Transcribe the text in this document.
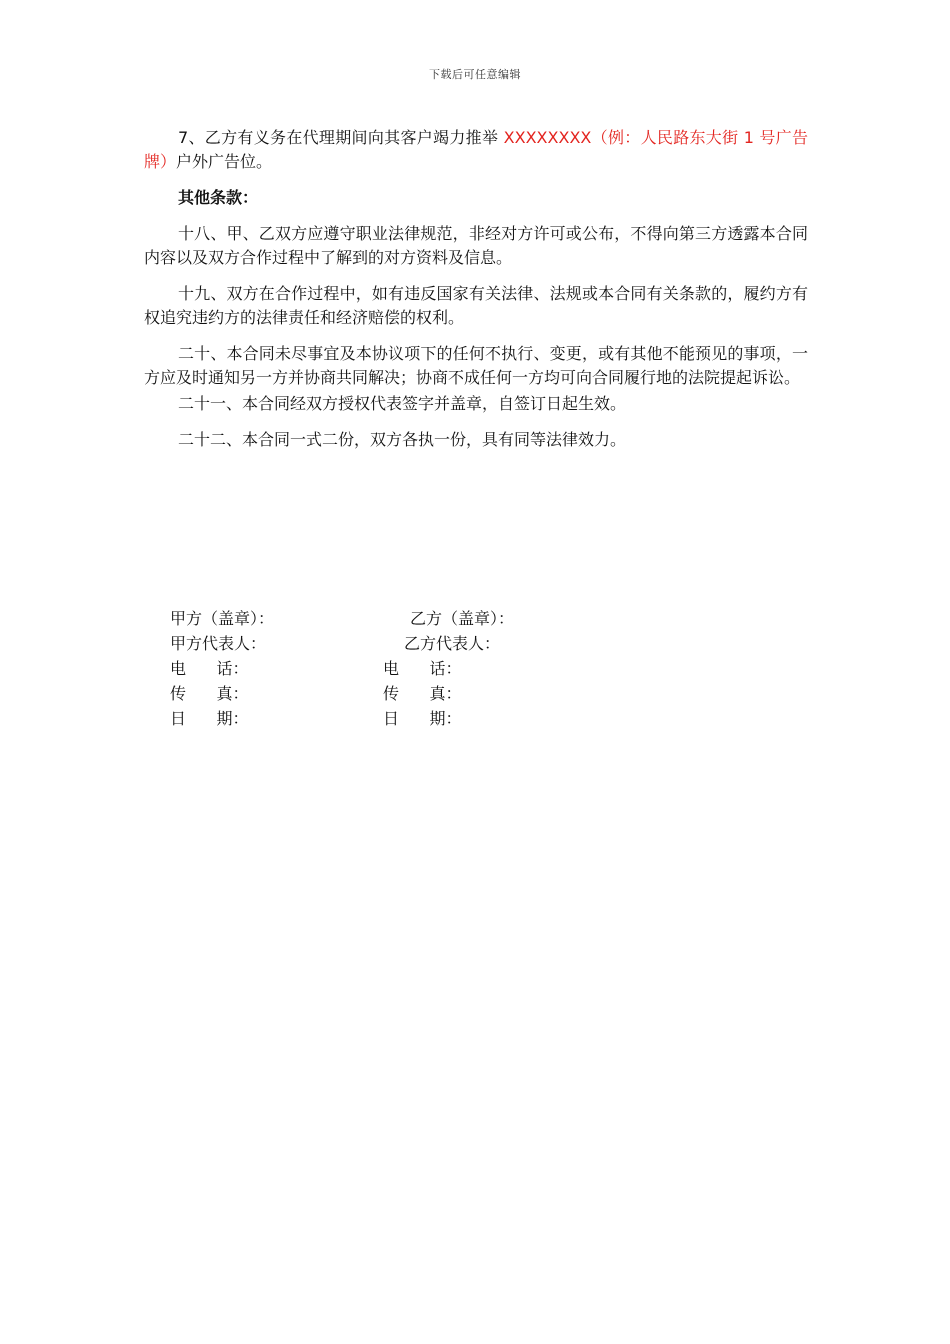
下载后可任意编辑

7、乙方有义务在代理期间向其客户竭力推举 XXXXXXXX（例：人民路东大街 1 号广告牌）户外广告位。

其他条款：

十八、甲、乙双方应遵守职业法律规范，非经对方许可或公布，不得向第三方透露本合同内容以及双方合作过程中了解到的对方资料及信息。

十九、双方在合作过程中，如有违反国家有关法律、法规或本合同有关条款的，履约方有权追究违约方的法律责任和经济赔偿的权利。

二十、本合同未尽事宜及本协议项下的任何不执行、变更，或有其他不能预见的事项，一方应及时通知另一方并协商共同解决；协商不成任何一方均可向合同履行地的法院提起诉讼。

二十一、本合同经双方授权代表签字并盖章，自签订日起生效。

二十二、本合同一式二份，双方各执一份，具有同等法律效力。

甲方（盖章）：	乙方（盖章）：
甲方代表人：	乙方代表人：
电      话：	电      话：
传      真：	传      真：
日      期：	日      期：
